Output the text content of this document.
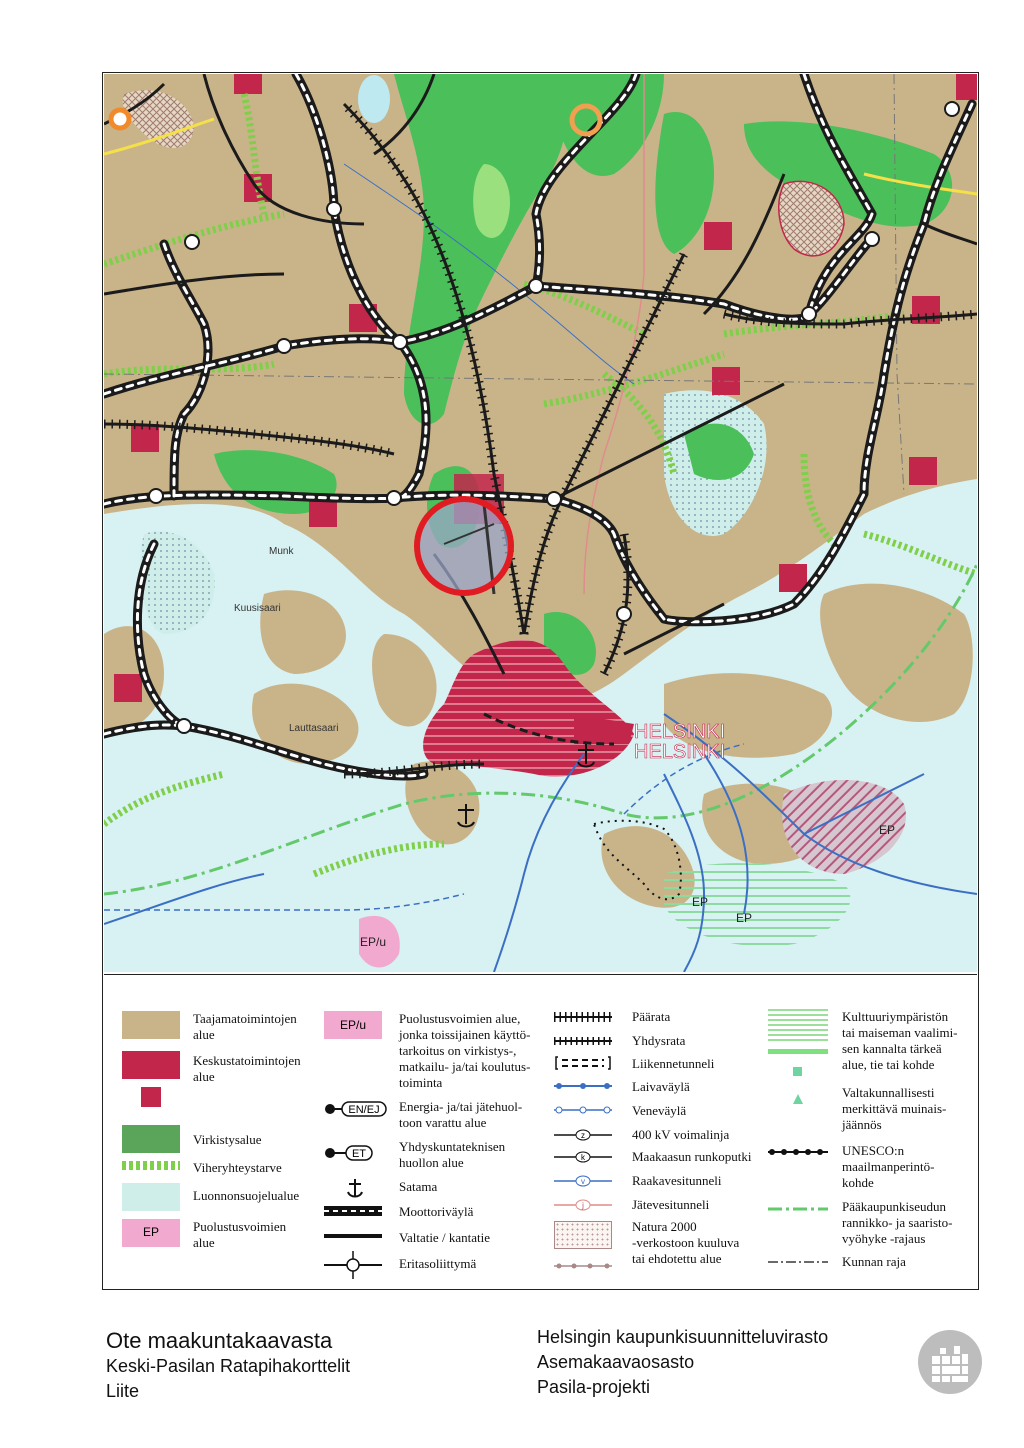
Munk
Kuusisaari
Lauttasaari	HELSINKI
HELSINKI
EP
EP
EP
EP/u
Taajamatoimintojen
alue
Keskustatoimintojen
alue
Virkistysalue
Viheryhteystarve
Luonnonsuojelualue
EP	Puolustusvoimien
alue
EP/u	Puolustusvoimien alue,
jonka toissijainen käyttö-
tarkoitus on virkistys-,
matkailu- ja/tai koulutus-
toiminta
EN/EJ Energia- ja/tai jätehuol-
toon varattu alue
ET	Yhdyskuntateknisen
huollon alue
Satama
Moottoriväylä
Valtatie / kantatie
Eritasoliittymä
Päärata
Yhdysrata
Liikennetunneli
Laivaväylä
Veneväylä
z	400 kV voimalinja
k	Maakaasun runkoputki
v	Raakavesitunneli
j	Jätevesitunneli
Natura 2000
-verkostoon kuuluva
tai ehdotettu alue
Kulttuuriympäristön
tai maiseman vaalimi-
sen kannalta tärkeä
alue, tie tai kohde
Valtakunnallisesti
merkittävä muinais-
jäännös
UNESCO:n
maailmanperintö-
kohde
Pääkaupunkiseudun
rannikko- ja saaristo-
vyöhyke -rajaus
Kunnan raja
Ote maakuntakaavasta
Keski-Pasilan Ratapihakorttelit
Liite
Helsingin kaupunkisuunnitteluvirasto
Asemakaavaosasto
Pasila-projekti
